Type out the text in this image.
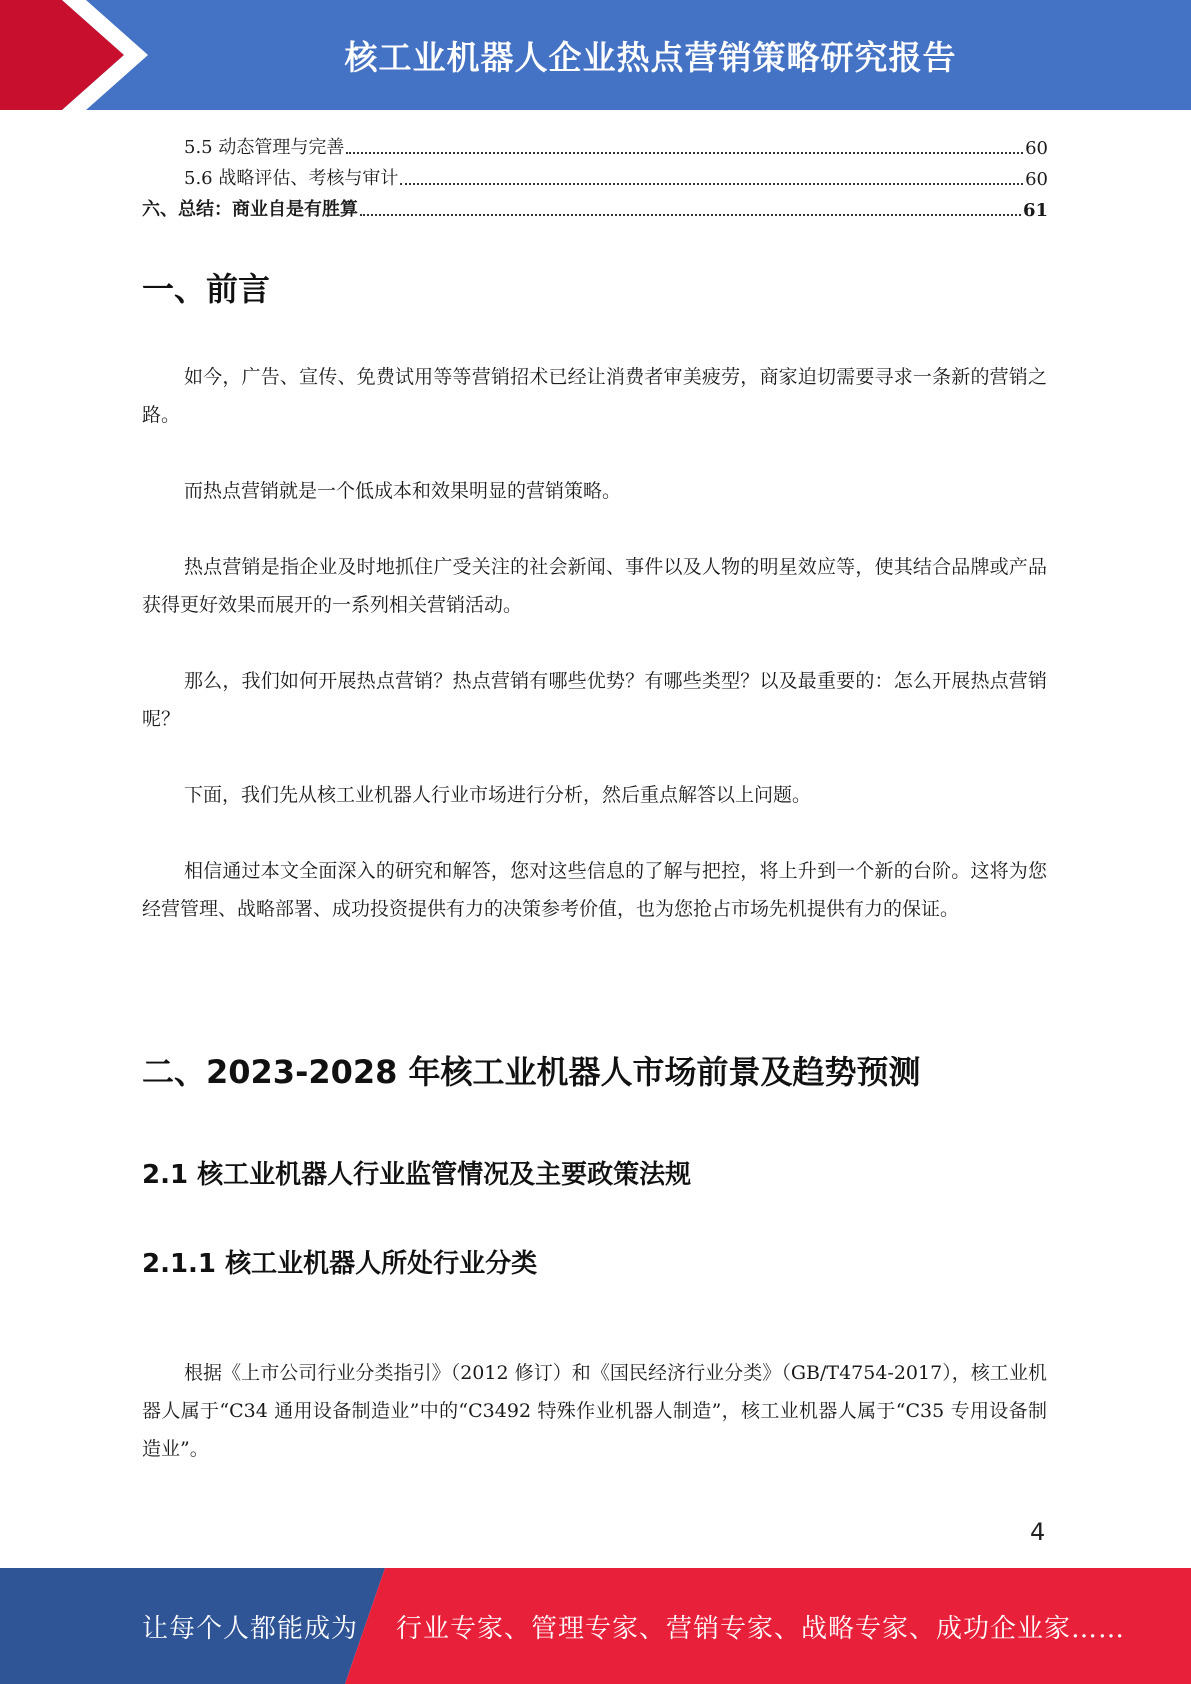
核工业机器人企业热点营销策略研究报告
5.5 动态管理与完善	60
5.6 战略评估、考核与审计	60
六、总结：商业自是有胜算	61
一、前言
如今，广告、宣传、免费试用等等营销招术已经让消费者审美疲劳，商家迫切需要寻求一条新的营销之路。
而热点营销就是一个低成本和效果明显的营销策略。
热点营销是指企业及时地抓住广受关注的社会新闻、事件以及人物的明星效应等，使其结合品牌或产品获得更好效果而展开的一系列相关营销活动。
那么，我们如何开展热点营销？热点营销有哪些优势？有哪些类型？以及最重要的：怎么开展热点营销呢？
下面，我们先从核工业机器人行业市场进行分析，然后重点解答以上问题。
相信通过本文全面深入的研究和解答，您对这些信息的了解与把控，将上升到一个新的台阶。这将为您经营管理、战略部署、成功投资提供有力的决策参考价值，也为您抢占市场先机提供有力的保证。
二、2023-2028 年核工业机器人市场前景及趋势预测
2.1 核工业机器人行业监管情况及主要政策法规
2.1.1 核工业机器人所处行业分类
根据《上市公司行业分类指引》（2012 修订）和《国民经济行业分类》（GB/T4754-2017），核工业机器人属于“C34 通用设备制造业”中的“C3492 特殊作业机器人制造”，核工业机器人属于“C35 专用设备制造业”。
4
让每个人都能成为 行业专家、管理专家、营销专家、战略专家、成功企业家……
